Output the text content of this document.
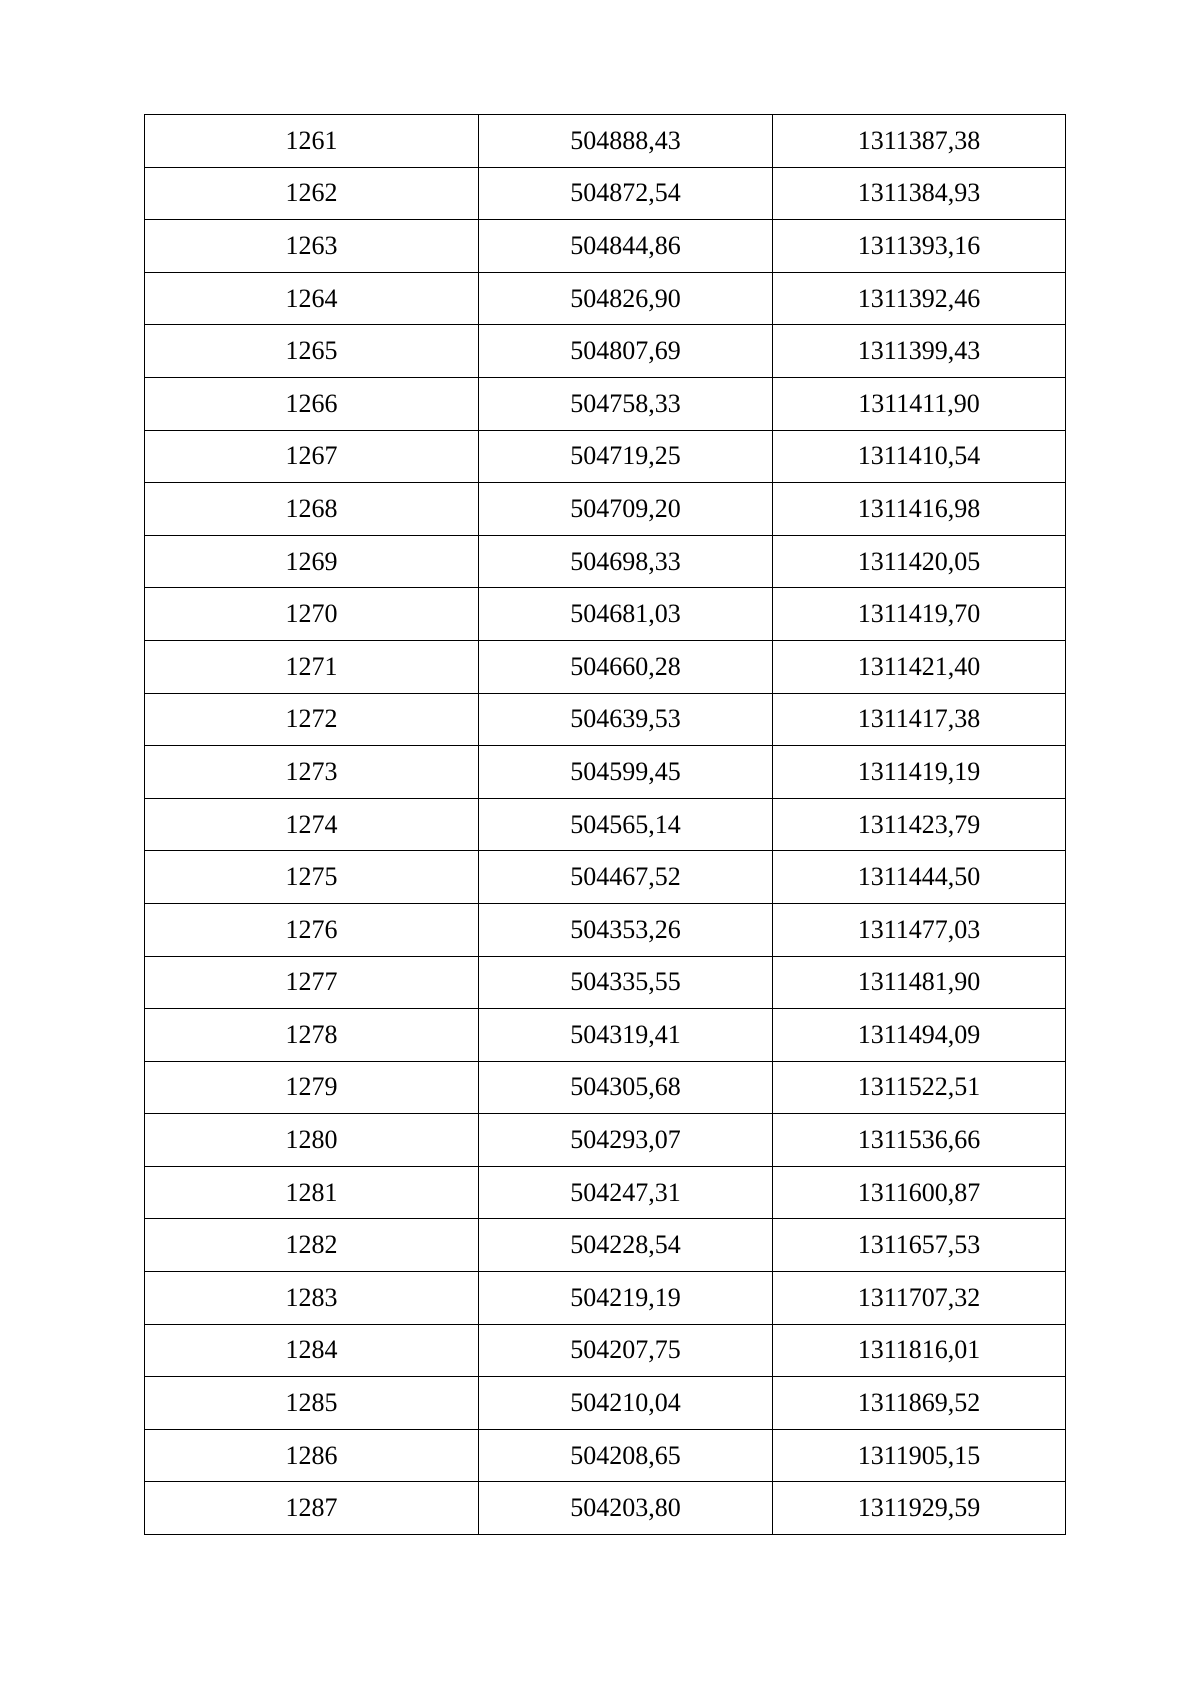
1261	504888,43	1311387,38
1262	504872,54	1311384,93
1263	504844,86	1311393,16
1264	504826,90	1311392,46
1265	504807,69	1311399,43
1266	504758,33	1311411,90
1267	504719,25	1311410,54
1268	504709,20	1311416,98
1269	504698,33	1311420,05
1270	504681,03	1311419,70
1271	504660,28	1311421,40
1272	504639,53	1311417,38
1273	504599,45	1311419,19
1274	504565,14	1311423,79
1275	504467,52	1311444,50
1276	504353,26	1311477,03
1277	504335,55	1311481,90
1278	504319,41	1311494,09
1279	504305,68	1311522,51
1280	504293,07	1311536,66
1281	504247,31	1311600,87
1282	504228,54	1311657,53
1283	504219,19	1311707,32
1284	504207,75	1311816,01
1285	504210,04	1311869,52
1286	504208,65	1311905,15
1287	504203,80	1311929,59
